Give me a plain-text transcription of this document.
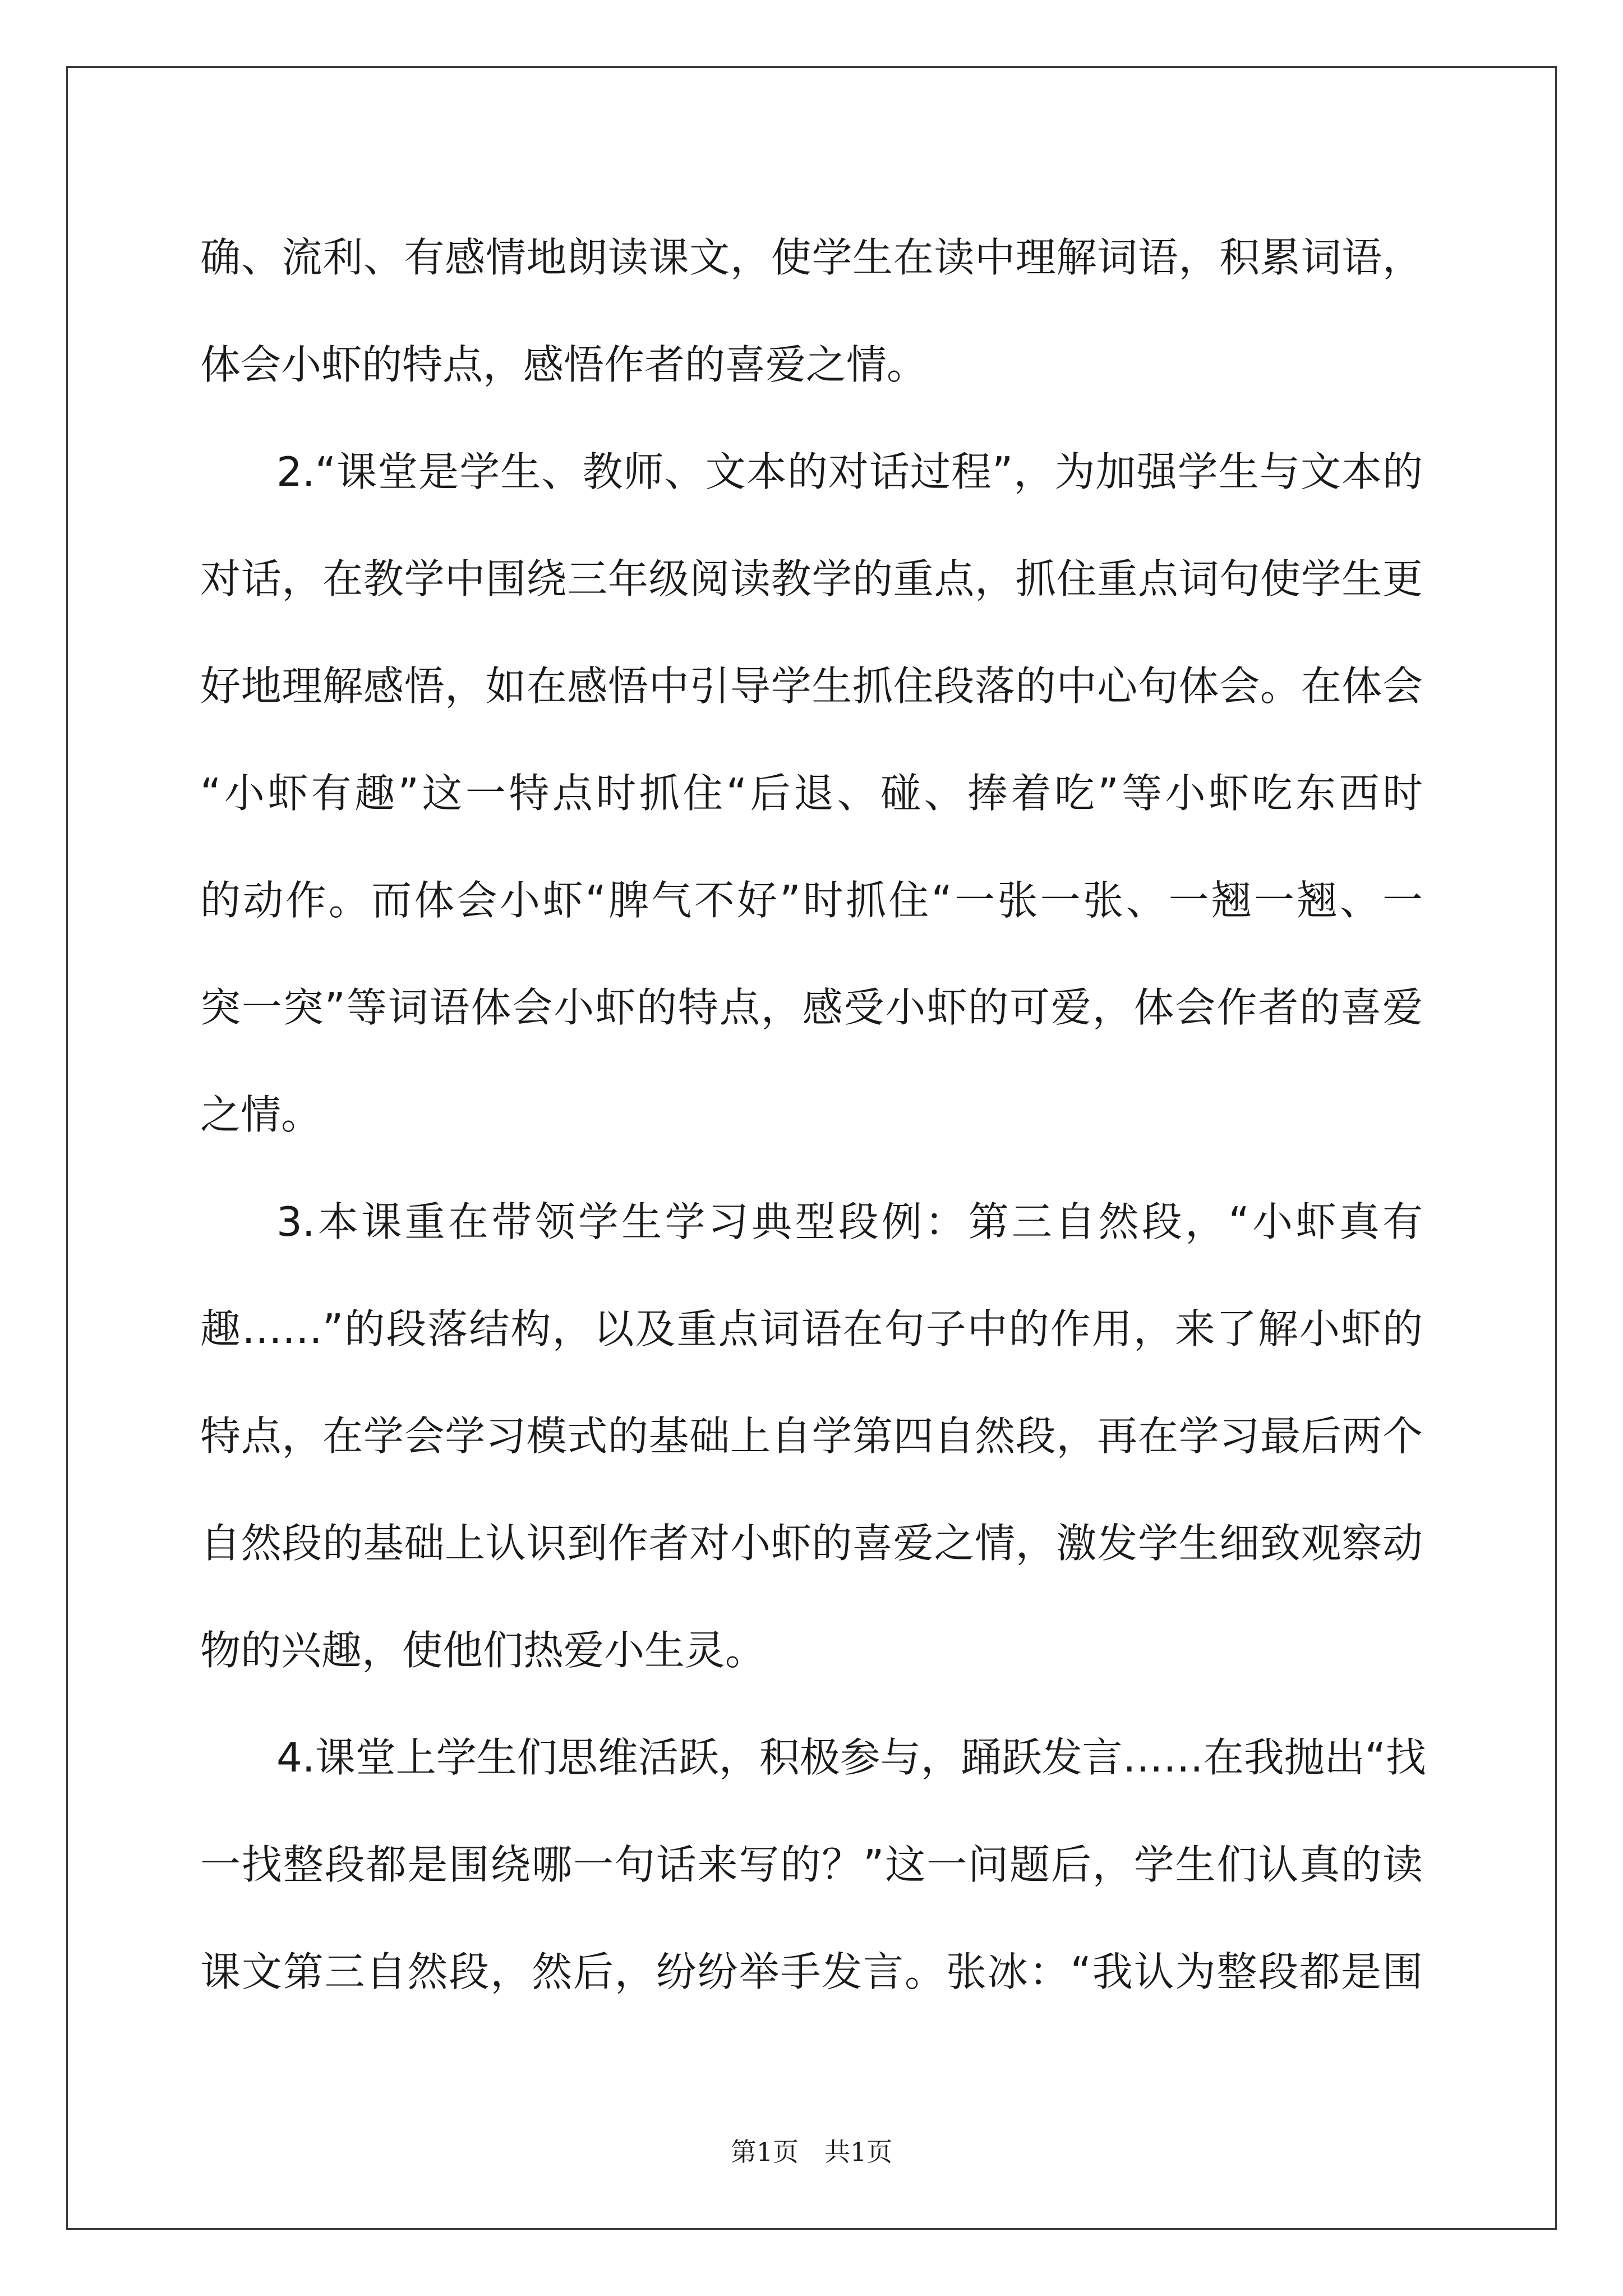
确、流利、有感情地朗读课文，使学生在读中理解词语，积累词语，
体会小虾的特点，感悟作者的喜爱之情。
2.“课堂是学生、教师、文本的对话过程”，为加强学生与文本的
对话，在教学中围绕三年级阅读教学的重点，抓住重点词句使学生更
好地理解感悟，如在感悟中引导学生抓住段落的中心句体会。在体会
“小虾有趣”这一特点时抓住“后退、碰、捧着吃”等小虾吃东西时
的动作。而体会小虾“脾气不好”时抓住“一张一张、一翘一翘、一
突一突”等词语体会小虾的特点，感受小虾的可爱，体会作者的喜爱
之情。
3.本课重在带领学生学习典型段例：第三自然段，“小虾真有
趣……”的段落结构，以及重点词语在句子中的作用，来了解小虾的
特点，在学会学习模式的基础上自学第四自然段，再在学习最后两个
自然段的基础上认识到作者对小虾的喜爱之情，激发学生细致观察动
物的兴趣，使他们热爱小生灵。
4.课堂上学生们思维活跃，积极参与，踊跃发言……在我抛出“找
一找整段都是围绕哪一句话来写的？”这一问题后，学生们认真的读
课文第三自然段，然后，纷纷举手发言。张冰：“我认为整段都是围
第1页　共1页
